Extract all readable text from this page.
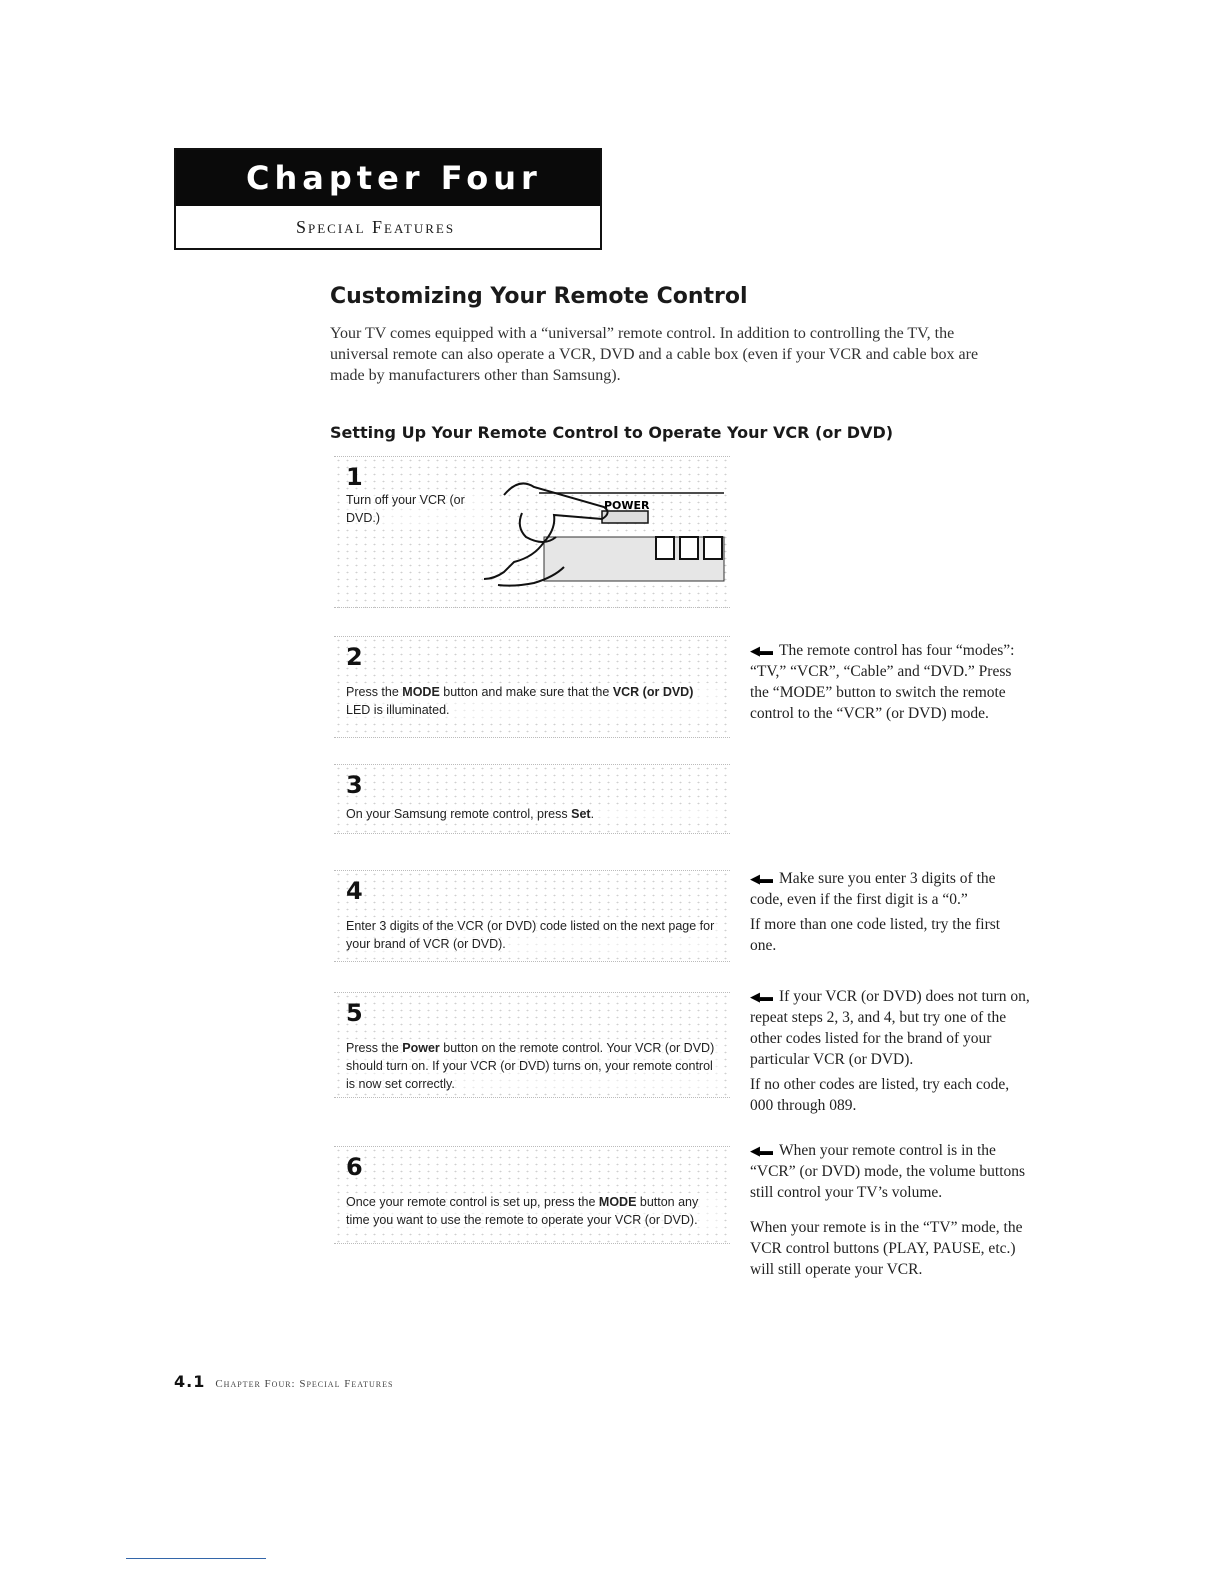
Chapter Four
Special Features
Customizing Your Remote Control

Your TV comes equipped with a “universal” remote control. In addition to controlling the TV, the universal remote can also operate a VCR, DVD and a cable box (even if your VCR and cable box are made by manufacturers other than Samsung).

Setting Up Your Remote Control to Operate Your VCR (or DVD)
1
Turn off your VCR (or DVD.)
POWER
2
Press the MODE button and make sure that the VCR (or DVD) LED is illuminated.
3
On your Samsung remote control, press Set.
4
Enter 3 digits of the VCR (or DVD) code listed on the next page for your brand of VCR (or DVD).
5
Press the Power button on the remote control. Your VCR (or DVD) should turn on. If your VCR (or DVD) turns on, your remote control is now set correctly.
6
Once your remote control is set up, press the MODE button any time you want to use the remote to operate your VCR (or DVD).

◀▬ The remote control has four “modes”: “TV,” “VCR”, “Cable” and “DVD.” Press the “MODE” button to switch the remote control to the “VCR” (or DVD) mode.

◀▬ Make sure you enter 3 digits of the code, even if the first digit is a “0.”

If more than one code listed, try the first one.

◀▬ If your VCR (or DVD) does not turn on, repeat steps 2, 3, and 4, but try one of the other codes listed for the brand of your particular VCR (or DVD).

If no other codes are listed, try each code, 000 through 089.

◀▬ When your remote control is in the “VCR” (or DVD) mode, the volume buttons still control your TV’s volume.

When your remote is in the “TV” mode, the VCR control buttons (PLAY, PAUSE, etc.) will still operate your VCR.

4.1 Chapter Four: Special Features
